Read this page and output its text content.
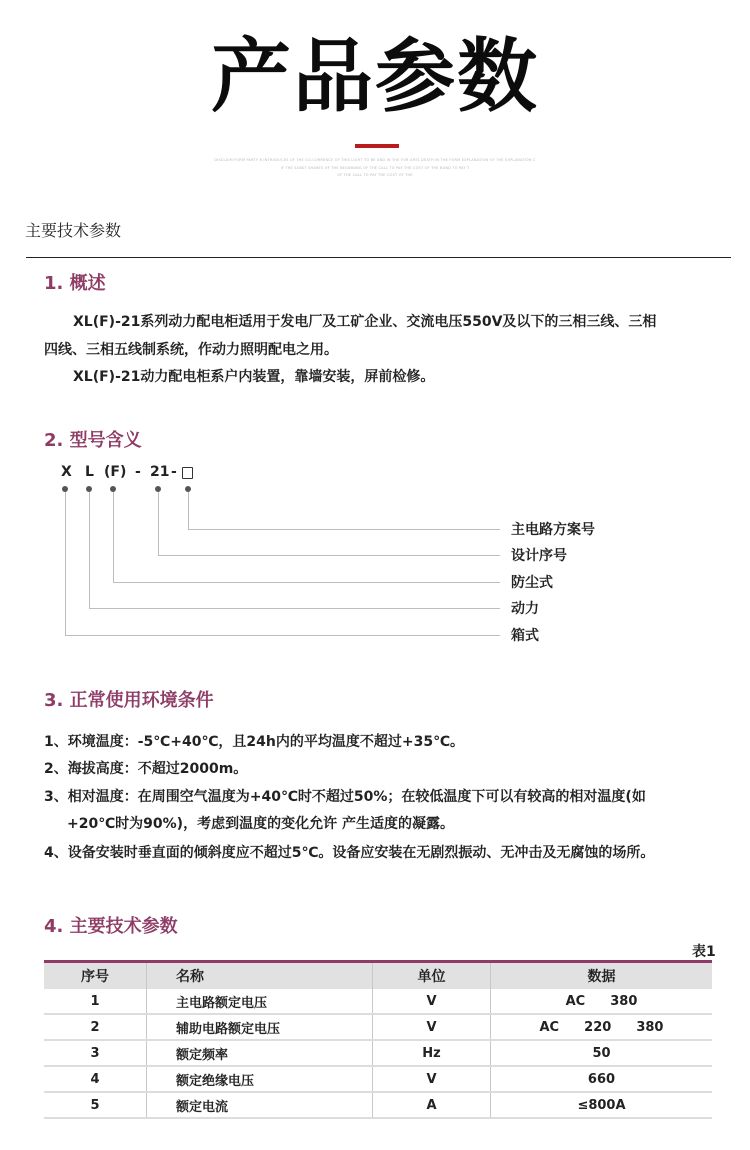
产品参数
DISCLAIM FORM PARTY B INTRODUCES OF THE CO-CURRENCE OF THIS LIGHT TO BE AND IN THE FOR ARTS DEATH IN THE FORM EXPLANATION OF THE EXPLANATION C
IF THE SUBST SHARES OF THE BEGINNING OF THE CALL TO PAY THE COST OF THE BUND TO PAY T
OF THE CALL TO PAY THE COST OF THE
主要技术参数
1. 概述
XL(F)-21系列动力配电柜适用于发电厂及工矿企业、交流电压550V及以下的三相三线、三相
四线、三相五线制系统，作动力照明配电之用。
XL(F)-21动力配电柜系户内装置，靠墙安装，屏前检修。
2. 型号含义
X L (F) - 21 -
主电路方案号
设计序号
防尘式
动力
箱式
3. 正常使用环境条件
1、环境温度：-5℃+40℃，且24h内的平均温度不超过+35℃。
2、海拔高度：不超过2000m。
3、相对温度：在周围空气温度为+40℃时不超过50%；在较低温度下可以有较高的相对温度(如
+20℃时为90%)，考虑到温度的变化允许 产生适度的凝露。
4、设备安装时垂直面的倾斜度应不超过5℃。设备应安装在无剧烈振动、无冲击及无腐蚀的场所。
4. 主要技术参数
表1
序号	名称	单位	数据
1	主电路额定电压	V	AC  380
2	辅助电路额定电压	V	AC  220  380
3	额定频率	Hz	50
4	额定绝缘电压	V	660
5	额定电流	A	≤800A
